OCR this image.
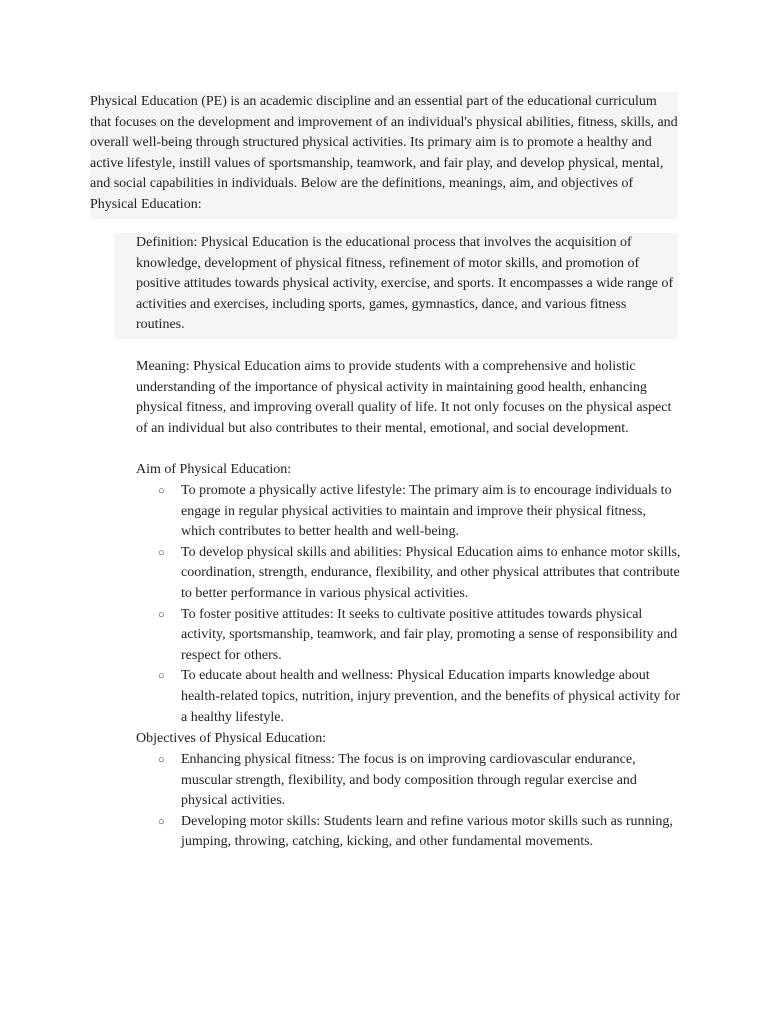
Physical Education (PE) is an academic discipline and an essential part of the educational curriculum that focuses on the development and improvement of an individual's physical abilities, fitness, skills, and overall well-being through structured physical activities. Its primary aim is to promote a healthy and active lifestyle, instill values of sportsmanship, teamwork, and fair play, and develop physical, mental, and social capabilities in individuals. Below are the definitions, meanings, aim, and objectives of Physical Education:

Definition: Physical Education is the educational process that involves the acquisition of knowledge, development of physical fitness, refinement of motor skills, and promotion of positive attitudes towards physical activity, exercise, and sports. It encompasses a wide range of activities and exercises, including sports, games, gymnastics, dance, and various fitness routines.

Meaning: Physical Education aims to provide students with a comprehensive and holistic understanding of the importance of physical activity in maintaining good health, enhancing physical fitness, and improving overall quality of life. It not only focuses on the physical aspect of an individual but also contributes to their mental, emotional, and social development.

Aim of Physical Education:

○ To promote a physically active lifestyle: The primary aim is to encourage individuals to engage in regular physical activities to maintain and improve their physical fitness, which contributes to better health and well-being.
○ To develop physical skills and abilities: Physical Education aims to enhance motor skills, coordination, strength, endurance, flexibility, and other physical attributes that contribute to better performance in various physical activities.
○ To foster positive attitudes: It seeks to cultivate positive attitudes towards physical activity, sportsmanship, teamwork, and fair play, promoting a sense of responsibility and respect for others.
○ To educate about health and wellness: Physical Education imparts knowledge about health-related topics, nutrition, injury prevention, and the benefits of physical activity for a healthy lifestyle.

Objectives of Physical Education:

○ Enhancing physical fitness: The focus is on improving cardiovascular endurance, muscular strength, flexibility, and body composition through regular exercise and physical activities.
○ Developing motor skills: Students learn and refine various motor skills such as running, jumping, throwing, catching, kicking, and other fundamental movements.
